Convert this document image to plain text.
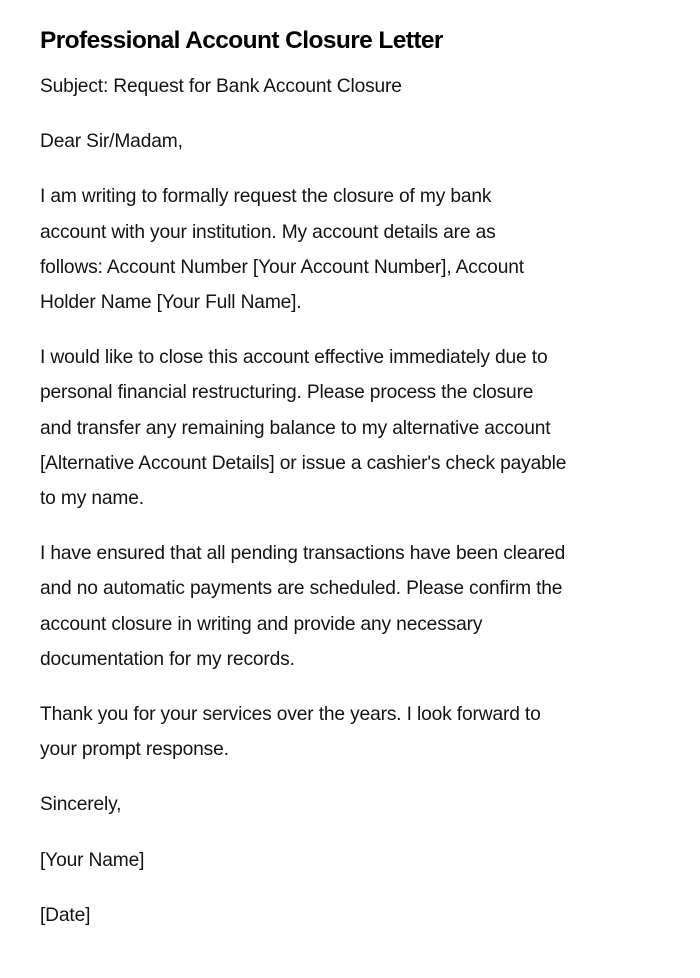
Professional Account Closure Letter

Subject: Request for Bank Account Closure

Dear Sir/Madam,

I am writing to formally request the closure of my bank
account with your institution. My account details are as
follows: Account Number [Your Account Number], Account
Holder Name [Your Full Name].

I would like to close this account effective immediately due to
personal financial restructuring. Please process the closure
and transfer any remaining balance to my alternative account
[Alternative Account Details] or issue a cashier's check payable
to my name.

I have ensured that all pending transactions have been cleared
and no automatic payments are scheduled. Please confirm the
account closure in writing and provide any necessary
documentation for my records.

Thank you for your services over the years. I look forward to
your prompt response.

Sincerely,

[Your Name]

[Date]
